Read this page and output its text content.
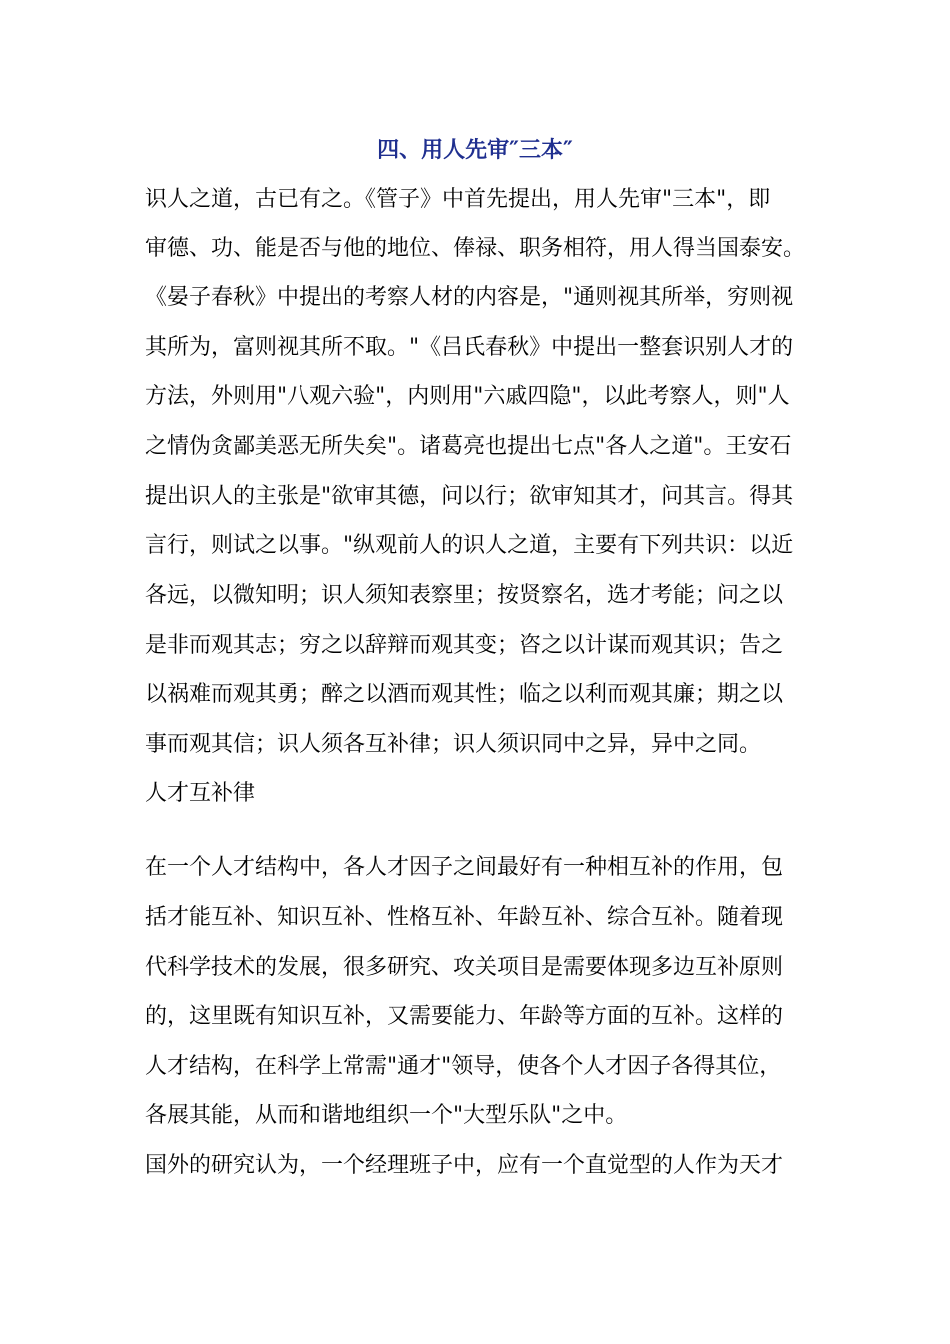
四、用人先审″三本″

识人之道，古已有之。《管子》中首先提出，用人先审"三本"，即

审德、功、能是否与他的地位、俸禄、职务相符，用人得当国泰安。

《晏子春秋》中提出的考察人材的内容是，"通则视其所举，穷则视

其所为，富则视其所不取。"《吕氏春秋》中提出一整套识别人才的

方法，外则用"八观六验"，内则用"六戚四隐"，以此考察人，则"人

之情伪贪鄙美恶无所失矣"。诸葛亮也提出七点"各人之道"。王安石

提出识人的主张是"欲审其德，问以行；欲审知其才，问其言。得其

言行，则试之以事。"纵观前人的识人之道，主要有下列共识：以近

各远，以微知明；识人须知表察里；按贤察名，选才考能；问之以

是非而观其志；穷之以辞辩而观其变；咨之以计谋而观其识；告之

以祸难而观其勇；醉之以酒而观其性；临之以利而观其廉；期之以

事而观其信；识人须各互补律；识人须识同中之异，异中之同。

人才互补律

在一个人才结构中，各人才因子之间最好有一种相互补的作用，包

括才能互补、知识互补、性格互补、年龄互补、综合互补。随着现

代科学技术的发展，很多研究、攻关项目是需要体现多边互补原则

的，这里既有知识互补，又需要能力、年龄等方面的互补。这样的

人才结构，在科学上常需"通才"领导，使各个人才因子各得其位，

各展其能，从而和谐地组织一个"大型乐队"之中。

国外的研究认为，一个经理班子中，应有一个直觉型的人作为天才
